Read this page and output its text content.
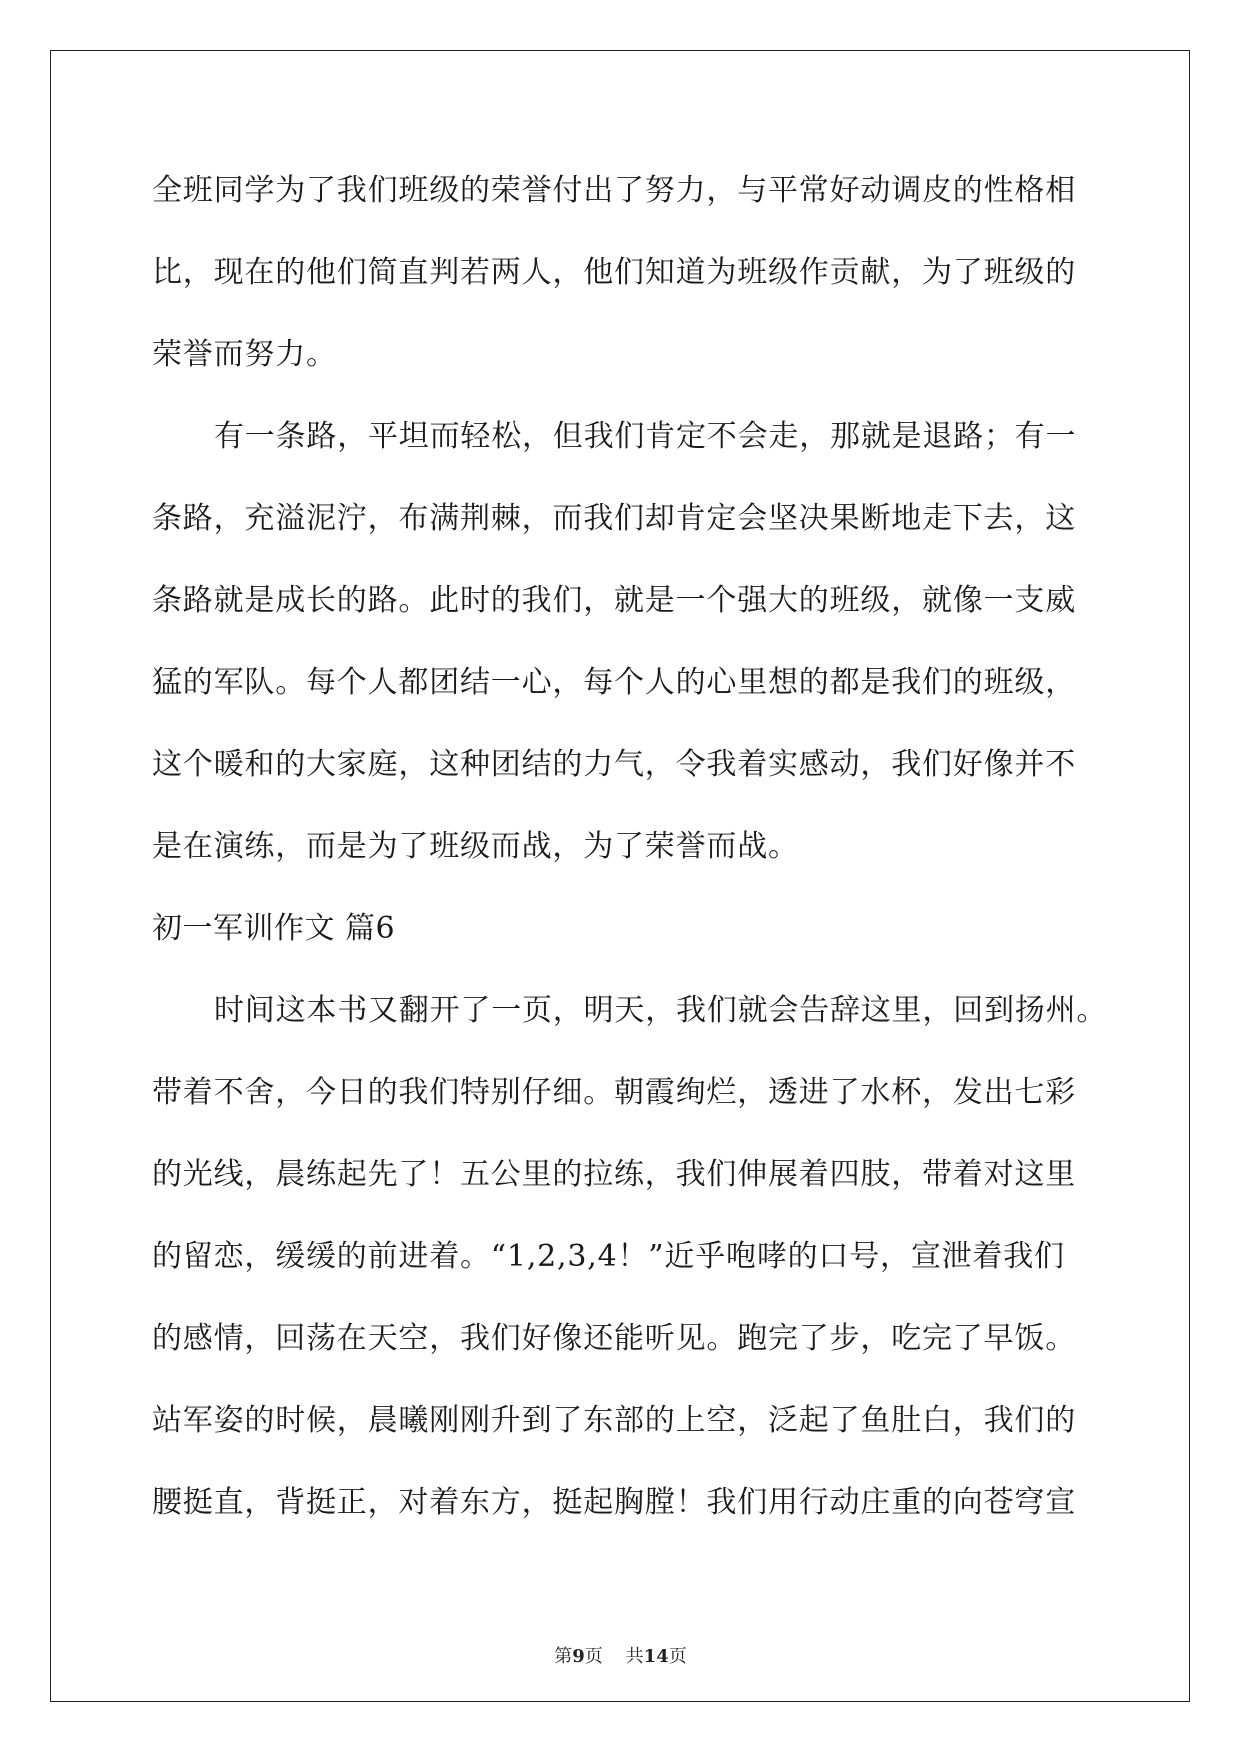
全班同学为了我们班级的荣誉付出了努力，与平常好动调皮的性格相
比，现在的他们简直判若两人，他们知道为班级作贡献，为了班级的
荣誉而努力。
有一条路，平坦而轻松，但我们肯定不会走，那就是退路；有一
条路，充溢泥泞，布满荆棘，而我们却肯定会坚决果断地走下去，这
条路就是成长的路。此时的我们，就是一个强大的班级，就像一支威
猛的军队。每个人都团结一心，每个人的心里想的都是我们的班级，
这个暖和的大家庭，这种团结的力气，令我着实感动，我们好像并不
是在演练，而是为了班级而战，为了荣誉而战。
初一军训作文 篇6
时间这本书又翻开了一页，明天，我们就会告辞这里，回到扬州。
带着不舍，今日的我们特别仔细。朝霞绚烂，透进了水杯，发出七彩
的光线，晨练起先了！五公里的拉练，我们伸展着四肢，带着对这里
的留恋，缓缓的前进着。“1,2,3,4！”近乎咆哮的口号，宣泄着我们
的感情，回荡在天空，我们好像还能听见。跑完了步，吃完了早饭。
站军姿的时候，晨曦刚刚升到了东部的上空，泛起了鱼肚白，我们的
腰挺直，背挺正，对着东方，挺起胸膛！我们用行动庄重的向苍穹宣
第9页 共14页
